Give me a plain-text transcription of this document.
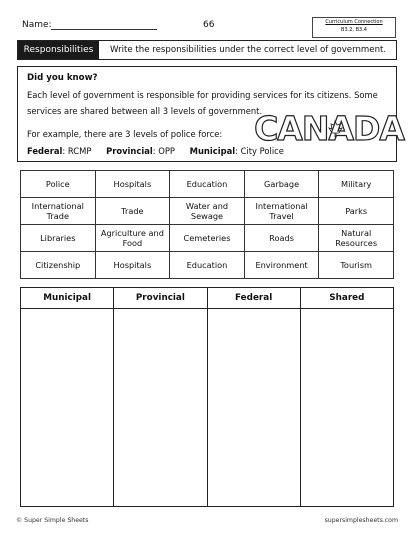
Name:	66	Curriculum Connection
B3.2, B3.4
Responsibilities	Write the responsibilities under the correct level of government.
Did you know?
Each level of government is responsible for providing services for its citizens. Some services are shared between all 3 levels of government.
For example, there are 3 levels of police force:
Federal: RCMP Provincial: OPP Municipal: City Police
CANADA
Police	Hospitals	Education	Garbage	Military
International Trade	Trade	Water and Sewage	International Travel	Parks
Libraries	Agriculture and Food	Cemeteries	Roads	Natural Resources
Citizenship	Hospitals	Education	Environment	Tourism
Municipal	Provincial	Federal	Shared

© Super Simple Sheets	supersimplesheets.com
